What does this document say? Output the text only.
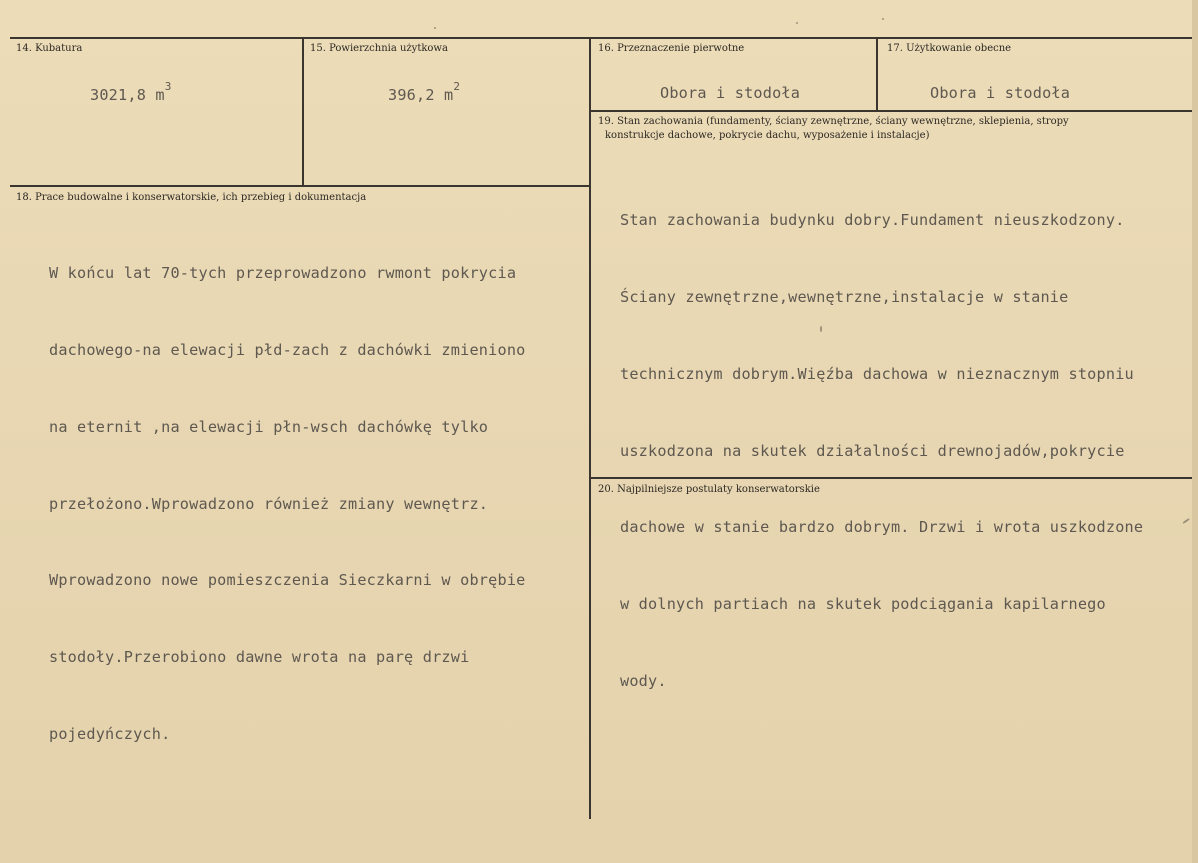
14. Kubatura
3021,8 $m^3$
15. Powierzchnia użytkowa
396,2 $m^2$
16. Przeznaczenie pierwotne
Obora i stodoła
17. Użytkowanie obecne
Obora i stodoła
18. Prace budowalne i konserwatorskie, ich przebieg i dokumentacja

W końcu lat 70-tych przeprowadzono rwmont pokrycia

dachowego-na elewacji płd-zach z dachówki zmieniono

na eternit ,na elewacji płn-wsch dachówkę tylko

przełożono.Wprowadzono również zmiany wewnętrz.

Wprowadzono nowe pomieszczenia Sieczkarni w obrębie

stodoły.Przerobiono dawne wrota na parę drzwi

pojedyńczych.

19. Stan zachowania (fundamenty, ściany zewnętrzne, ściany wewnętrzne, sklepienia, stropy
konstrukcje dachowe, pokrycie dachu, wyposażenie i instalacje)

Stan zachowania budynku dobry.Fundament nieuszkodzony.

Ściany zewnętrzne,wewnętrzne,instalacje w stanie

technicznym dobrym.Więźba dachowa w nieznacznym stopniu

uszkodzona na skutek działalności drewnojadów,pokrycie

dachowe w stanie bardzo dobrym. Drzwi i wrota uszkodzone

w dolnych partiach na skutek podciągania kapilarnego

wody.

20. Najpilniejsze postulaty konserwatorskie
